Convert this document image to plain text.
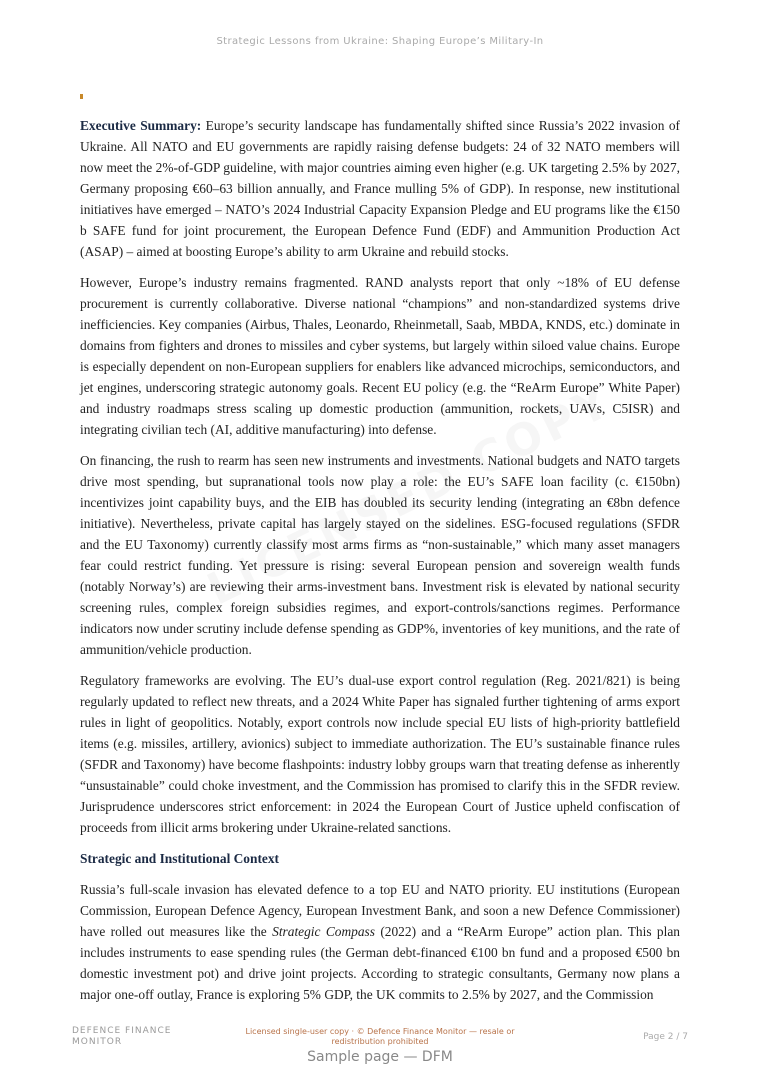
Strategic Lessons from Ukraine: Shaping Europe’s Military-In

Executive Summary: Europe’s security landscape has fundamentally shifted since Russia’s 2022 invasion of Ukraine. All NATO and EU governments are rapidly raising defense budgets: 24 of 32 NATO members will now meet the 2%-of-GDP guideline, with major countries aiming even higher (e.g. UK targeting 2.5% by 2027, Germany proposing €60–63 billion annually, and France mulling 5% of GDP). In response, new institutional initiatives have emerged – NATO’s 2024 Industrial Capacity Expansion Pledge and EU programs like the €150 b SAFE fund for joint procurement, the European Defence Fund (EDF) and Ammunition Production Act (ASAP) – aimed at boosting Europe’s ability to arm Ukraine and rebuild stocks.

However, Europe’s industry remains fragmented. RAND analysts report that only ~18% of EU defense procurement is currently collaborative. Diverse national “champions” and non-standardized systems drive inefficiencies. Key companies (Airbus, Thales, Leonardo, Rheinmetall, Saab, MBDA, KNDS, etc.) dominate in domains from fighters and drones to missiles and cyber systems, but largely within siloed value chains. Europe is especially dependent on non-European suppliers for enablers like advanced microchips, semiconductors, and jet engines, underscoring strategic autonomy goals. Recent EU policy (e.g. the “ReArm Europe” White Paper) and industry roadmaps stress scaling up domestic production (ammunition, rockets, UAVs, C5ISR) and integrating civilian tech (AI, additive manufacturing) into defense.

On financing, the rush to rearm has seen new instruments and investments. National budgets and NATO targets drive most spending, but supranational tools now play a role: the EU’s SAFE loan facility (c. €150bn) incentivizes joint capability buys, and the EIB has doubled its security lending (integrating an €8bn defence initiative). Nevertheless, private capital has largely stayed on the sidelines. ESG-focused regulations (SFDR and the EU Taxonomy) currently classify most arms firms as “non-sustainable,” which many asset managers fear could restrict funding. Yet pressure is rising: several European pension and sovereign wealth funds (notably Norway’s) are reviewing their arms-investment bans. Investment risk is elevated by national security screening rules, complex foreign subsidies regimes, and export-controls/sanctions regimes. Performance indicators now under scrutiny include defense spending as GDP%, inventories of key munitions, and the rate of ammunition/vehicle production.

Regulatory frameworks are evolving. The EU’s dual-use export control regulation (Reg. 2021/821) is being regularly updated to reflect new threats, and a 2024 White Paper has signaled further tightening of arms export rules in light of geopolitics. Notably, export controls now include special EU lists of high-priority battlefield items (e.g. missiles, artillery, avionics) subject to immediate authorization. The EU’s sustainable finance rules (SFDR and Taxonomy) have become flashpoints: industry lobby groups warn that treating defense as inherently “unsustainable” could choke investment, and the Commission has promised to clarify this in the SFDR review. Jurisprudence underscores strict enforcement: in 2024 the European Court of Justice upheld confiscation of proceeds from illicit arms brokering under Ukraine-related sanctions.

Strategic and Institutional Context

Russia’s full-scale invasion has elevated defence to a top EU and NATO priority. EU institutions (European Commission, European Defence Agency, European Investment Bank, and soon a new Defence Commissioner) have rolled out measures like the Strategic Compass (2022) and a “ReArm Europe” action plan. This plan includes instruments to ease spending rules (the German debt-financed €100 bn fund and a proposed €500 bn domestic investment pot) and drive joint projects. According to strategic consultants, Germany now plans a major one-off outlay, France is exploring 5% GDP, the UK commits to 2.5% by 2027, and the Commission

DEFENCE FINANCE
MONITOR
Licensed single-user copy · © Defence Finance Monitor — resale or redistribution prohibited	Page 2 / 7
Sample page — DFM
